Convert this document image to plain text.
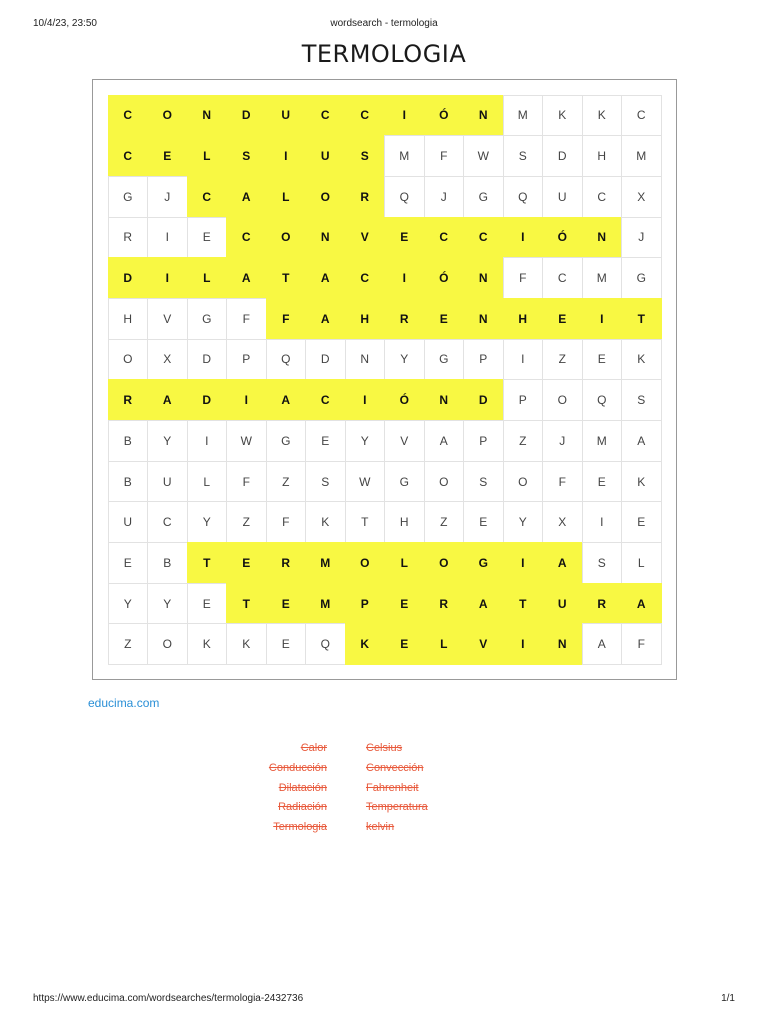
10/4/23, 23:50	wordsearch - termologia
TERMOLOGIA
C	O	N	D	U	C	C	I	Ó	N	M	K	K	C
C	E	L	S	I	U	S	M	F	W	S	D	H	M
G	J	C	A	L	O	R	Q	J	G	Q	U	C	X
R	I	E	C	O	N	V	E	C	C	I	Ó	N	J
D	I	L	A	T	A	C	I	Ó	N	F	C	M	G
H	V	G	F	F	A	H	R	E	N	H	E	I	T
O	X	D	P	Q	D	N	Y	G	P	I	Z	E	K
R	A	D	I	A	C	I	Ó	N	D	P	O	Q	S
B	Y	I	W	G	E	Y	V	A	P	Z	J	M	A
B	U	L	F	Z	S	W	G	O	S	O	F	E	K
U	C	Y	Z	F	K	T	H	Z	E	Y	X	I	E
E	B	T	E	R	M	O	L	O	G	I	A	S	L
Y	Y	E	T	E	M	P	E	R	A	T	U	R	A
Z	O	K	K	E	Q	K	E	L	V	I	N	A	F
educima.com
Calor
Conducción
Dilatación
Radiación
Termologia
Celsius
Convección
Fahrenheit
Temperatura
kelvin
https://www.educima.com/wordsearches/termologia-2432736	1/1
